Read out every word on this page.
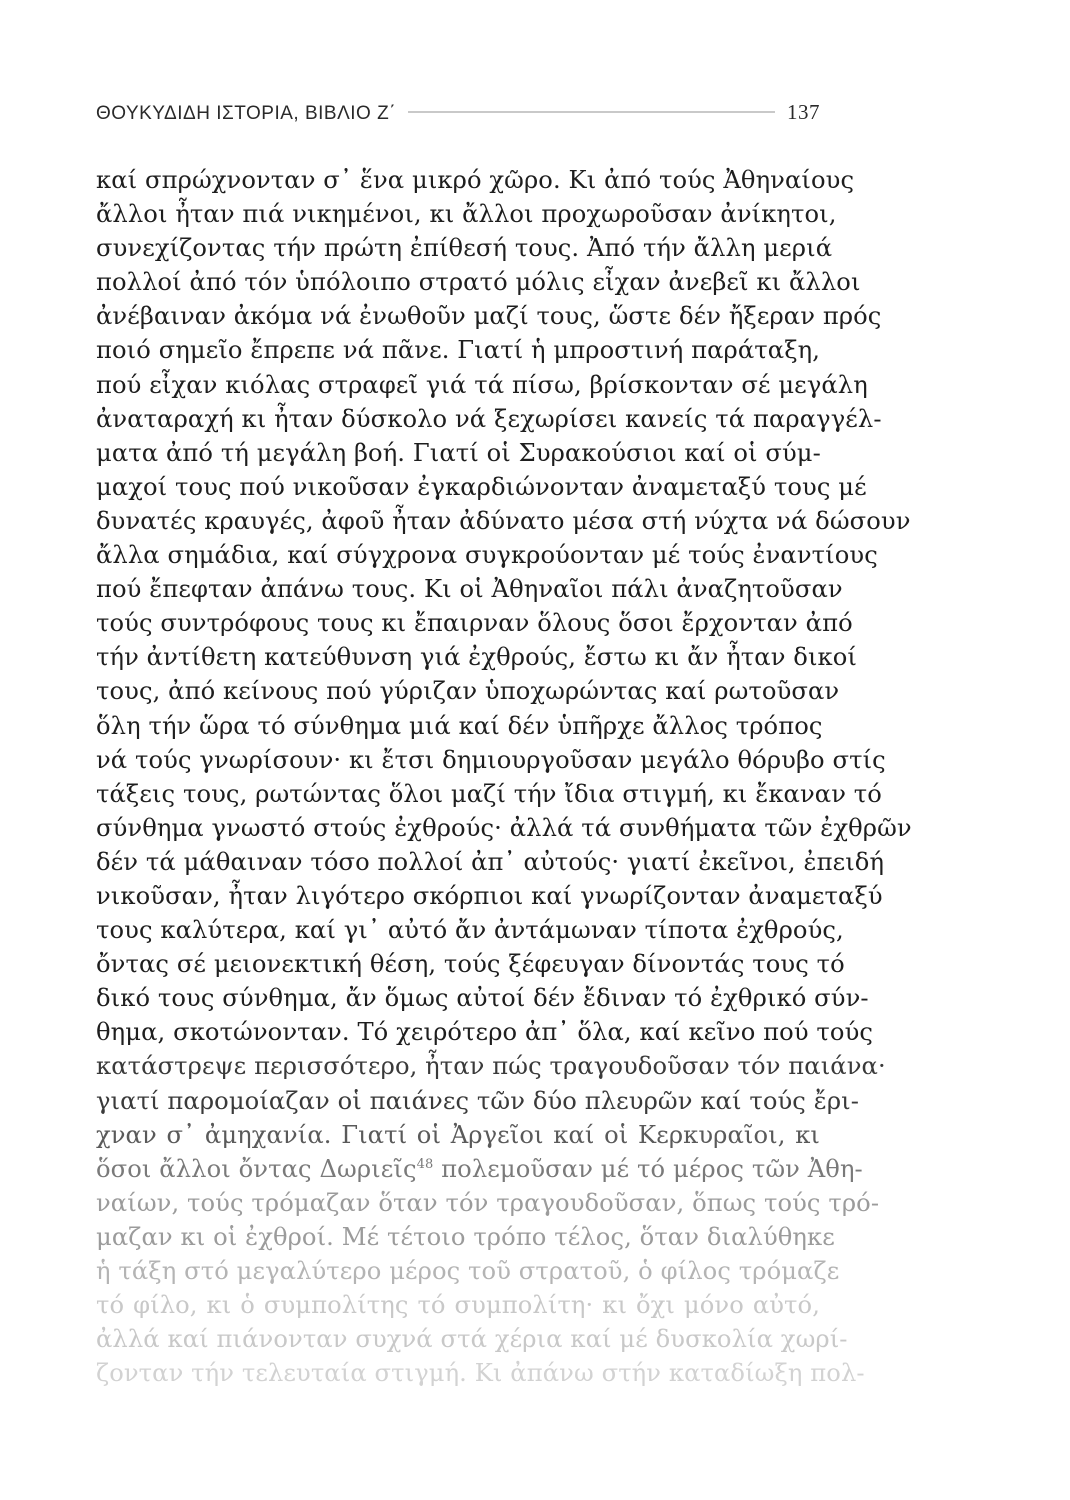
ΘΟΥΚΥΔΙΔΗ ΙΣΤΟΡΙΑ, ΒΙΒΛΙΟ Ζ΄	137
καί σπρώχνονταν σ᾽ ἕνα μικρό χῶρο. Κι ἀπό τούς Ἀθηναίους
ἄλλοι ἦταν πιά νικημένοι, κι ἄλλοι προχωροῦσαν ἀνίκητοι,
συνεχίζοντας τήν πρώτη ἐπίθεσή τους. Ἀπό τήν ἄλλη μεριά
πολλοί ἀπό τόν ὑπόλοιπο στρατό μόλις εἶχαν ἀνεβεῖ κι ἄλλοι
ἀνέβαιναν ἀκόμα νά ἐνωθοῦν μαζί τους, ὥστε δέν ἤξεραν πρός
ποιό σημεῖο ἔπρεπε νά πᾶνε. Γιατί ἡ μπροστινή παράταξη,
πού εἶχαν κιόλας στραφεῖ γιά τά πίσω, βρίσκονταν σέ μεγάλη
ἀναταραχή κι ἦταν δύσκολο νά ξεχωρίσει κανείς τά παραγγέλ-
ματα ἀπό τή μεγάλη βοή. Γιατί οἱ Συρακούσιοι καί οἱ σύμ-
μαχοί τους πού νικοῦσαν ἐγκαρδιώνονταν ἀναμεταξύ τους μέ
δυνατές κραυγές, ἀφοῦ ἦταν ἀδύνατο μέσα στή νύχτα νά δώσουν
ἄλλα σημάδια, καί σύγχρονα συγκρούονταν μέ τούς ἐναντίους
πού ἔπεφταν ἀπάνω τους. Κι οἱ Ἀθηναῖοι πάλι ἀναζητοῦσαν
τούς συντρόφους τους κι ἔπαιρναν ὅλους ὅσοι ἔρχονταν ἀπό
τήν ἀντίθετη κατεύθυνση γιά ἐχθρούς, ἔστω κι ἄν ἦταν δικοί
τους, ἀπό κείνους πού γύριζαν ὑποχωρώντας καί ρωτοῦσαν
ὅλη τήν ὥρα τό σύνθημα μιά καί δέν ὑπῆρχε ἄλλος τρόπος
νά τούς γνωρίσουν· κι ἔτσι δημιουργοῦσαν μεγάλο θόρυβο στίς
τάξεις τους, ρωτώντας ὅλοι μαζί τήν ἴδια στιγμή, κι ἔκαναν τό
σύνθημα γνωστό στούς ἐχθρούς· ἀλλά τά συνθήματα τῶν ἐχθρῶν
δέν τά μάθαιναν τόσο πολλοί ἀπ᾽ αὐτούς· γιατί ἐκεῖνοι, ἐπειδή
νικοῦσαν, ἦταν λιγότερο σκόρπιοι καί γνωρίζονταν ἀναμεταξύ
τους καλύτερα, καί γι᾽ αὐτό ἄν ἀντάμωναν τίποτα ἐχθρούς,
ὄντας σέ μειονεκτική θέση, τούς ξέφευγαν δίνοντάς τους τό
δικό τους σύνθημα, ἄν ὅμως αὐτοί δέν ἔδιναν τό ἐχθρικό σύν-
θημα, σκοτώνονταν. Τό χειρότερο ἀπ᾽ ὅλα, καί κεῖνο πού τούς
κατάστρεψε περισσότερο, ἦταν πώς τραγουδοῦσαν τόν παιάνα·
γιατί παρομοίαζαν οἱ παιάνες τῶν δύο πλευρῶν καί τούς ἔρι-
χναν σ᾽ ἀμηχανία. Γιατί οἱ Ἀργεῖοι καί οἱ Κερκυραῖοι, κι
ὅσοι ἄλλοι ὄντας Δωριεῖς$^{48}$ πολεμοῦσαν μέ τό μέρος τῶν Ἀθη-
ναίων, τούς τρόμαζαν ὅταν τόν τραγουδοῦσαν, ὅπως τούς τρό-
μαζαν κι οἱ ἐχθροί. Μέ τέτοιο τρόπο τέλος, ὅταν διαλύθηκε
ἡ τάξη στό μεγαλύτερο μέρος τοῦ στρατοῦ, ὁ φίλος τρόμαζε
τό φίλο, κι ὁ συμπολίτης τό συμπολίτη· κι ὄχι μόνο αὐτό,
ἀλλά καί πιάνονταν συχνά στά χέρια καί μέ δυσκολία χωρί-
ζονταν τήν τελευταία στιγμή. Κι ἀπάνω στήν καταδίωξη πολ-
